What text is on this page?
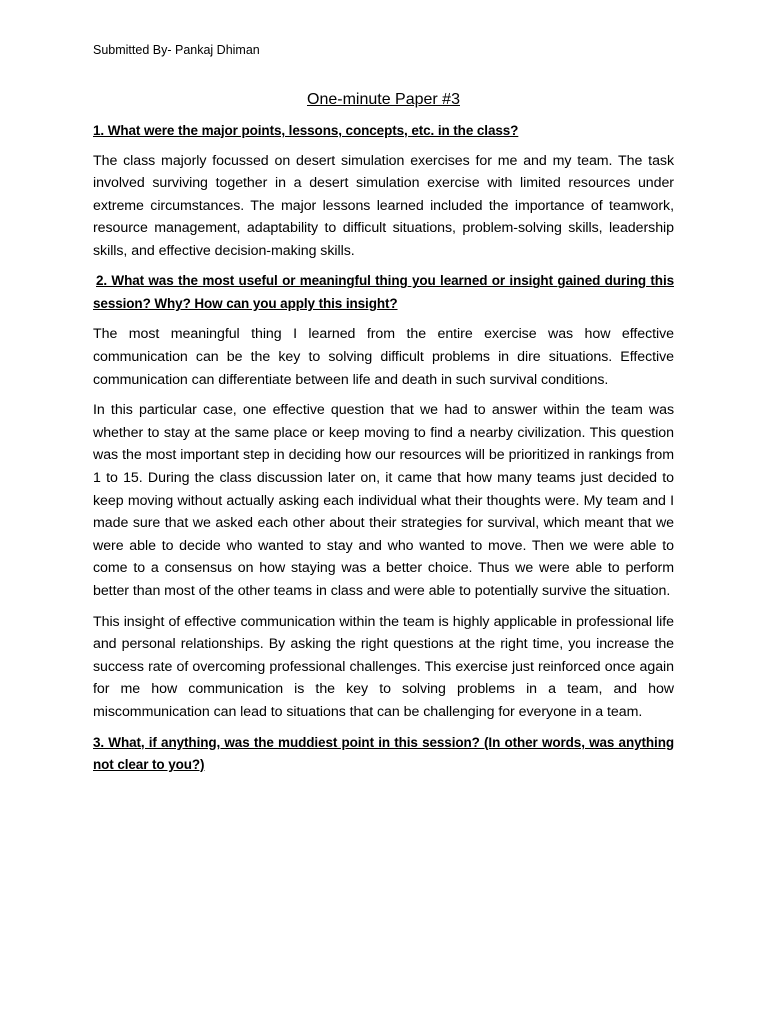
Submitted By- Pankaj Dhiman
One-minute Paper #3
1. What were the major points, lessons, concepts, etc. in the class?
The class majorly focussed on desert simulation exercises for me and my team. The task involved surviving together in a desert simulation exercise with limited resources under extreme circumstances. The major lessons learned included the importance of teamwork, resource management, adaptability to difficult situations, problem-solving skills, leadership skills, and effective decision-making skills.
2. What was the most useful or meaningful thing you learned or insight gained during this session? Why? How can you apply this insight?
The most meaningful thing I learned from the entire exercise was how effective communication can be the key to solving difficult problems in dire situations. Effective communication can differentiate between life and death in such survival conditions.
In this particular case, one effective question that we had to answer within the team was whether to stay at the same place or keep moving to find a nearby civilization. This question was the most important step in deciding how our resources will be prioritized in rankings from 1 to 15. During the class discussion later on, it came that how many teams just decided to keep moving without actually asking each individual what their thoughts were. My team and I made sure that we asked each other about their strategies for survival, which meant that we were able to decide who wanted to stay and who wanted to move. Then we were able to come to a consensus on how staying was a better choice. Thus we were able to perform better than most of the other teams in class and were able to potentially survive the situation.
This insight of effective communication within the team is highly applicable in professional life and personal relationships. By asking the right questions at the right time, you increase the success rate of overcoming professional challenges. This exercise just reinforced once again for me how communication is the key to solving problems in a team, and how miscommunication can lead to situations that can be challenging for everyone in a team.
3. What, if anything, was the muddiest point in this session? (In other words, was anything not clear to you?)
